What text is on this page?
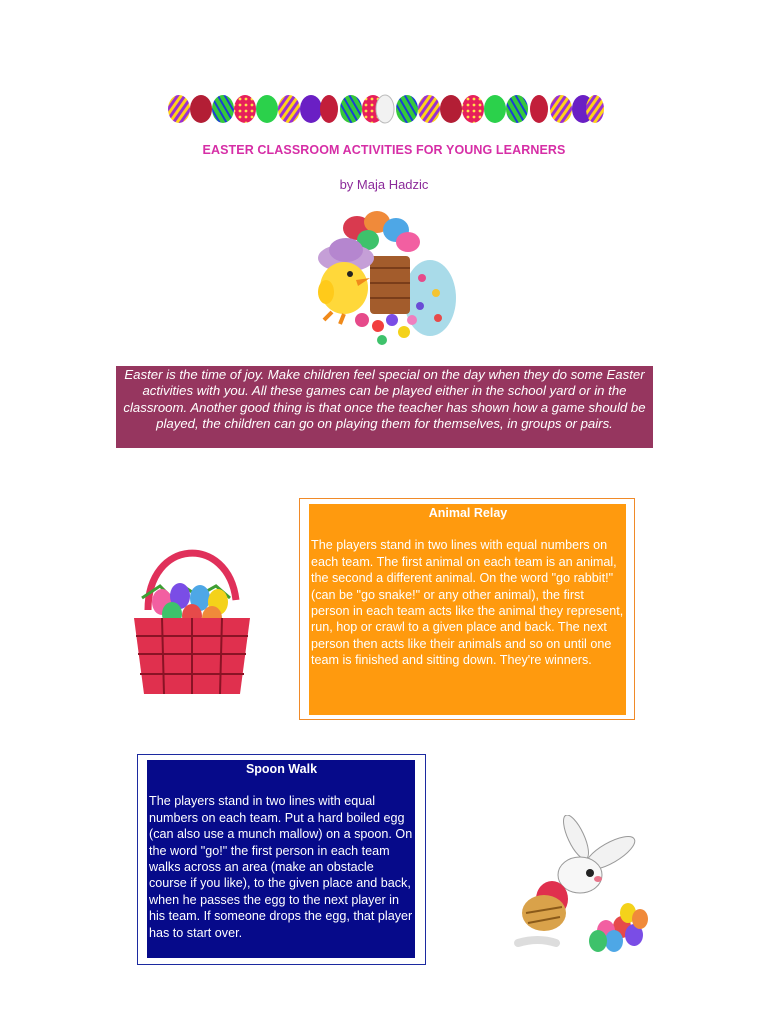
EASTER CLASSROOM ACTIVITIES FOR YOUNG LEARNERS
by Maja Hadzic
Easter is the time of joy. Make children feel special on the day when they do some Easter activities with you. All these games can be played either in the school yard or in the classroom. Another good thing is that once the teacher has shown how a game should be played, the children can go on playing them for themselves, in groups or pairs.
Animal Relay

The players stand in two lines with equal numbers on each team. The first animal on each team is an animal, the second a different animal. On the word "go rabbit!" (can be "go snake!" or any other animal), the first person in each team acts like the animal they represent, run, hop or crawl to a given place and back. The next person then acts like their animals and so on until one team is finished and sitting down. They're winners.

Spoon Walk

The players stand in two lines with equal numbers on each team. Put a hard boiled egg (can also use a munch mallow) on a spoon. On the word "go!" the first person in each team walks across an area (make an obstacle course if you like), to the given place and back, when he passes the egg to the next player in his team. If someone drops the egg, that player has to start over.
